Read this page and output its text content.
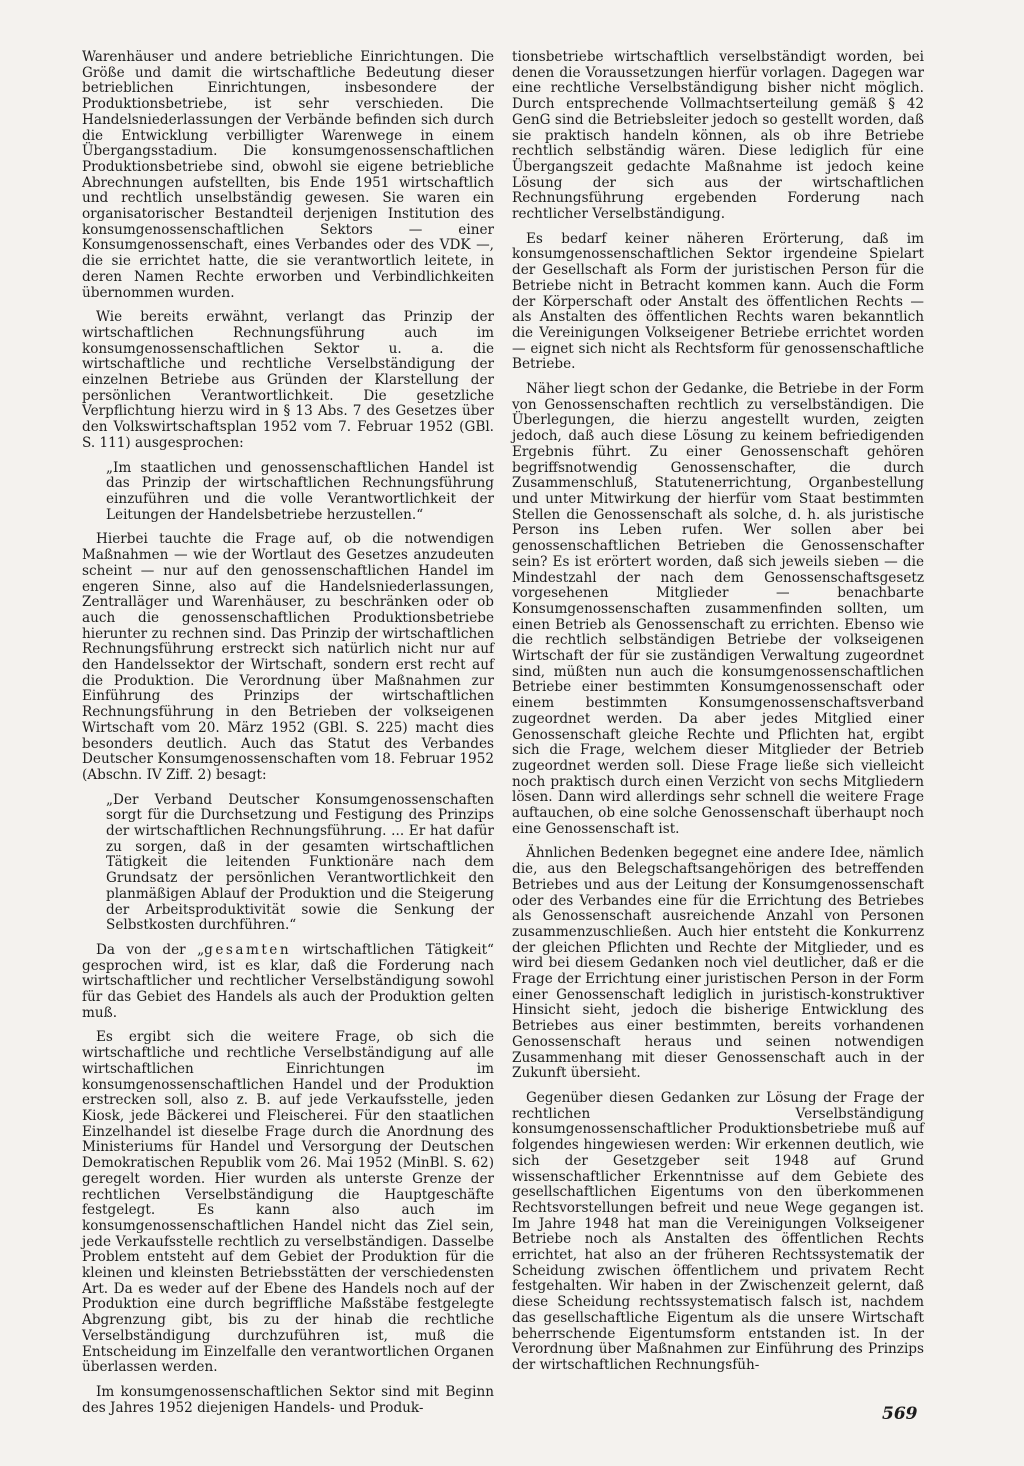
Warenhäuser und andere betriebliche Einrichtungen. Die Größe und damit die wirtschaftliche Bedeutung dieser betrieblichen Einrichtungen, insbesondere der Produktionsbetriebe, ist sehr verschieden. Die Handelsniederlassungen der Verbände befinden sich durch die Entwicklung verbilligter Warenwege in einem Übergangsstadium. Die konsumgenossenschaftlichen Produktionsbetriebe sind, obwohl sie eigene betriebliche Abrechnungen aufstellten, bis Ende 1951 wirtschaftlich und rechtlich unselbständig gewesen. Sie waren ein organisatorischer Bestandteil derjenigen Institution des konsumgenossenschaftlichen Sektors — einer Konsumgenossenschaft, eines Verbandes oder des VDK —, die sie errichtet hatte, die sie verantwortlich leitete, in deren Namen Rechte erworben und Verbindlichkeiten übernommen wurden.

Wie bereits erwähnt, verlangt das Prinzip der wirtschaftlichen Rechnungsführung auch im konsumgenossenschaftlichen Sektor u. a. die wirtschaftliche und rechtliche Verselbständigung der einzelnen Betriebe aus Gründen der Klarstellung der persönlichen Verantwortlichkeit. Die gesetzliche Verpflichtung hierzu wird in § 13 Abs. 7 des Gesetzes über den Volkswirtschaftsplan 1952 vom 7. Februar 1952 (GBl. S. 111) ausgesprochen:

„Im staatlichen und genossenschaftlichen Handel ist das Prinzip der wirtschaftlichen Rechnungsführung einzuführen und die volle Verantwortlichkeit der Leitungen der Handelsbetriebe herzustellen.“

Hierbei tauchte die Frage auf, ob die notwendigen Maßnahmen — wie der Wortlaut des Gesetzes anzudeuten scheint — nur auf den genossenschaftlichen Handel im engeren Sinne, also auf die Handelsniederlassungen, Zentralläger und Warenhäuser, zu beschränken oder ob auch die genossenschaftlichen Produktionsbetriebe hierunter zu rechnen sind. Das Prinzip der wirtschaftlichen Rechnungsführung erstreckt sich natürlich nicht nur auf den Handelssektor der Wirtschaft, sondern erst recht auf die Produktion. Die Verordnung über Maßnahmen zur Einführung des Prinzips der wirtschaftlichen Rechnungsführung in den Betrieben der volkseigenen Wirtschaft vom 20. März 1952 (GBl. S. 225) macht dies besonders deutlich. Auch das Statut des Verbandes Deutscher Konsumgenossenschaften vom 18. Februar 1952 (Abschn. IV Ziff. 2) besagt:

„Der Verband Deutscher Konsumgenossenschaften sorgt für die Durchsetzung und Festigung des Prinzips der wirtschaftlichen Rechnungsführung. ... Er hat dafür zu sorgen, daß in der gesamten wirtschaftlichen Tätigkeit die leitenden Funktionäre nach dem Grundsatz der persönlichen Verantwortlichkeit den planmäßigen Ablauf der Produktion und die Steigerung der Arbeitsproduktivität sowie die Senkung der Selbstkosten durchführen.“

Da von der „gesamten wirtschaftlichen Tätigkeit“ gesprochen wird, ist es klar, daß die Forderung nach wirtschaftlicher und rechtlicher Verselbständigung sowohl für das Gebiet des Handels als auch der Produktion gelten muß.

Es ergibt sich die weitere Frage, ob sich die wirtschaftliche und rechtliche Verselbständigung auf alle wirtschaftlichen Einrichtungen im konsumgenossenschaftlichen Handel und der Produktion erstrecken soll, also z. B. auf jede Verkaufsstelle, jeden Kiosk, jede Bäckerei und Fleischerei. Für den staatlichen Einzelhandel ist dieselbe Frage durch die Anordnung des Ministeriums für Handel und Versorgung der Deutschen Demokratischen Republik vom 26. Mai 1952 (MinBl. S. 62) geregelt worden. Hier wurden als unterste Grenze der rechtlichen Verselbständigung die Hauptgeschäfte festgelegt. Es kann also auch im konsumgenossenschaftlichen Handel nicht das Ziel sein, jede Verkaufsstelle rechtlich zu verselbständigen. Dasselbe Problem entsteht auf dem Gebiet der Produktion für die kleinen und kleinsten Betriebsstätten der verschiedensten Art. Da es weder auf der Ebene des Handels noch auf der Produktion eine durch begriffliche Maßstäbe festgelegte Abgrenzung gibt, bis zu der hinab die rechtliche Verselbständigung durchzuführen ist, muß die Entscheidung im Einzelfalle den verantwortlichen Organen überlassen werden.

Im konsumgenossenschaftlichen Sektor sind mit Beginn des Jahres 1952 diejenigen Handels- und Produk-

tionsbetriebe wirtschaftlich verselbständigt worden, bei denen die Voraussetzungen hierfür vorlagen. Dagegen war eine rechtliche Verselbständigung bisher nicht möglich. Durch entsprechende Vollmachtserteilung gemäß § 42 GenG sind die Betriebsleiter jedoch so gestellt worden, daß sie praktisch handeln können, als ob ihre Betriebe rechtlich selbständig wären. Diese lediglich für eine Übergangszeit gedachte Maßnahme ist jedoch keine Lösung der sich aus der wirtschaftlichen Rechnungsführung ergebenden Forderung nach rechtlicher Verselbständigung.

Es bedarf keiner näheren Erörterung, daß im konsumgenossenschaftlichen Sektor irgendeine Spielart der Gesellschaft als Form der juristischen Person für die Betriebe nicht in Betracht kommen kann. Auch die Form der Körperschaft oder Anstalt des öffentlichen Rechts — als Anstalten des öffentlichen Rechts waren bekanntlich die Vereinigungen Volkseigener Betriebe errichtet worden — eignet sich nicht als Rechtsform für genossenschaftliche Betriebe.

Näher liegt schon der Gedanke, die Betriebe in der Form von Genossenschaften rechtlich zu verselbständigen. Die Überlegungen, die hierzu angestellt wurden, zeigten jedoch, daß auch diese Lösung zu keinem befriedigenden Ergebnis führt. Zu einer Genossenschaft gehören begriffsnotwendig Genossenschafter, die durch Zusammenschluß, Statutenerrichtung, Organbestellung und unter Mitwirkung der hierfür vom Staat bestimmten Stellen die Genossenschaft als solche, d. h. als juristische Person ins Leben rufen. Wer sollen aber bei genossenschaftlichen Betrieben die Genossenschafter sein? Es ist erörtert worden, daß sich jeweils sieben — die Mindestzahl der nach dem Genossenschaftsgesetz vorgesehenen Mitglieder — benachbarte Konsumgenossenschaften zusammenfinden sollten, um einen Betrieb als Genossenschaft zu errichten. Ebenso wie die rechtlich selbständigen Betriebe der volkseigenen Wirtschaft der für sie zuständigen Verwaltung zugeordnet sind, müßten nun auch die konsumgenossenschaftlichen Betriebe einer bestimmten Konsumgenossenschaft oder einem bestimmten Konsumgenossenschaftsverband zugeordnet werden. Da aber jedes Mitglied einer Genossenschaft gleiche Rechte und Pflichten hat, ergibt sich die Frage, welchem dieser Mitglieder der Betrieb zugeordnet werden soll. Diese Frage ließe sich vielleicht noch praktisch durch einen Verzicht von sechs Mitgliedern lösen. Dann wird allerdings sehr schnell die weitere Frage auftauchen, ob eine solche Genossenschaft überhaupt noch eine Genossenschaft ist.

Ähnlichen Bedenken begegnet eine andere Idee, nämlich die, aus den Belegschaftsangehörigen des betreffenden Betriebes und aus der Leitung der Konsumgenossenschaft oder des Verbandes eine für die Errichtung des Betriebes als Genossenschaft ausreichende Anzahl von Personen zusammenzuschließen. Auch hier entsteht die Konkurrenz der gleichen Pflichten und Rechte der Mitglieder, und es wird bei diesem Gedanken noch viel deutlicher, daß er die Frage der Errichtung einer juristischen Person in der Form einer Genossenschaft lediglich in juristisch-konstruktiver Hinsicht sieht, jedoch die bisherige Entwicklung des Betriebes aus einer bestimmten, bereits vorhandenen Genossenschaft heraus und seinen notwendigen Zusammenhang mit dieser Genossenschaft auch in der Zukunft übersieht.

Gegenüber diesen Gedanken zur Lösung der Frage der rechtlichen Verselbständigung konsumgenossenschaftlicher Produktionsbetriebe muß auf folgendes hingewiesen werden: Wir erkennen deutlich, wie sich der Gesetzgeber seit 1948 auf Grund wissenschaftlicher Erkenntnisse auf dem Gebiete des gesellschaftlichen Eigentums von den überkommenen Rechtsvorstellungen befreit und neue Wege gegangen ist. Im Jahre 1948 hat man die Vereinigungen Volkseigener Betriebe noch als Anstalten des öffentlichen Rechts errichtet, hat also an der früheren Rechtssystematik der Scheidung zwischen öffentlichem und privatem Recht festgehalten. Wir haben in der Zwischenzeit gelernt, daß diese Scheidung rechtssystematisch falsch ist, nachdem das gesellschaftliche Eigentum als die unsere Wirtschaft beherrschende Eigentumsform entstanden ist. In der Verordnung über Maßnahmen zur Einführung des Prinzips der wirtschaftlichen Rechnungsfüh-

569
